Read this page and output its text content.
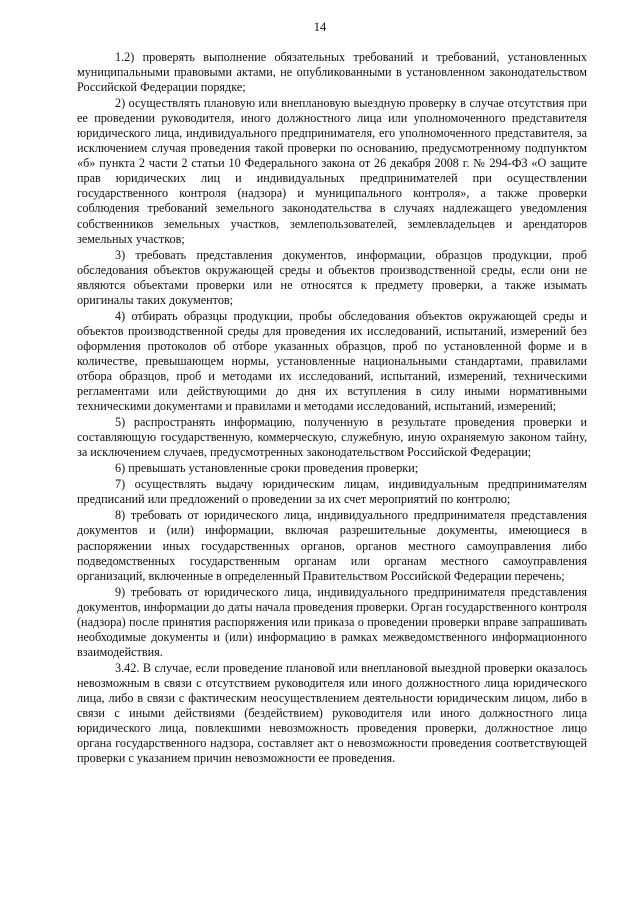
14

1.2) проверять выполнение обязательных требований и требований, установленных муниципальными правовыми актами, не опубликованными в установленном законодательством Российской Федерации порядке;

2) осуществлять плановую или внеплановую выездную проверку в случае отсутствия при ее проведении руководителя, иного должностного лица или уполномоченного представителя юридического лица, индивидуального предпринимателя, его уполномоченного представителя, за исключением случая проведения такой проверки по основанию, предусмотренному подпунктом «б» пункта 2 части 2 статьи 10 Федерального закона от 26 декабря 2008 г. № 294-ФЗ «О защите прав юридических лиц и индивидуальных предпринимателей при осуществлении государственного контроля (надзора) и муниципального контроля», а также проверки соблюдения требований земельного законодательства в случаях надлежащего уведомления собственников земельных участков, землепользователей, землевладельцев и арендаторов земельных участков;

3) требовать представления документов, информации, образцов продукции, проб обследования объектов окружающей среды и объектов производственной среды, если они не являются объектами проверки или не относятся к предмету проверки, а также изымать оригиналы таких документов;

4) отбирать образцы продукции, пробы обследования объектов окружающей среды и объектов производственной среды для проведения их исследований, испытаний, измерений без оформления протоколов об отборе указанных образцов, проб по установленной форме и в количестве, превышающем нормы, установленные национальными стандартами, правилами отбора образцов, проб и методами их исследований, испытаний, измерений, техническими регламентами или действующими до дня их вступления в силу иными нормативными техническими документами и правилами и методами исследований, испытаний, измерений;

5) распространять информацию, полученную в результате проведения проверки и составляющую государственную, коммерческую, служебную, иную охраняемую законом тайну, за исключением случаев, предусмотренных законодательством Российской Федерации;

6) превышать установленные сроки проведения проверки;

7) осуществлять выдачу юридическим лицам, индивидуальным предпринимателям предписаний или предложений о проведении за их счет мероприятий по контролю;

8) требовать от юридического лица, индивидуального предпринимателя представления документов и (или) информации, включая разрешительные документы, имеющиеся в распоряжении иных государственных органов, органов местного самоуправления либо подведомственных государственным органам или органам местного самоуправления организаций, включенные в определенный Правительством Российской Федерации перечень;

9) требовать от юридического лица, индивидуального предпринимателя представления документов, информации до даты начала проведения проверки. Орган государственного контроля (надзора) после принятия распоряжения или приказа о проведении проверки вправе запрашивать необходимые документы и (или) информацию в рамках межведомственного информационного взаимодействия.

3.42. В случае, если проведение плановой или внеплановой выездной проверки оказалось невозможным в связи с отсутствием руководителя или иного должностного лица юридического лица, либо в связи с фактическим неосуществлением деятельности юридическим лицом, либо в связи с иными действиями (бездействием) руководителя или иного должностного лица юридического лица, повлекшими невозможность проведения проверки, должностное лицо органа государственного надзора, составляет акт о невозможности проведения соответствующей проверки с указанием причин невозможности ее проведения.
